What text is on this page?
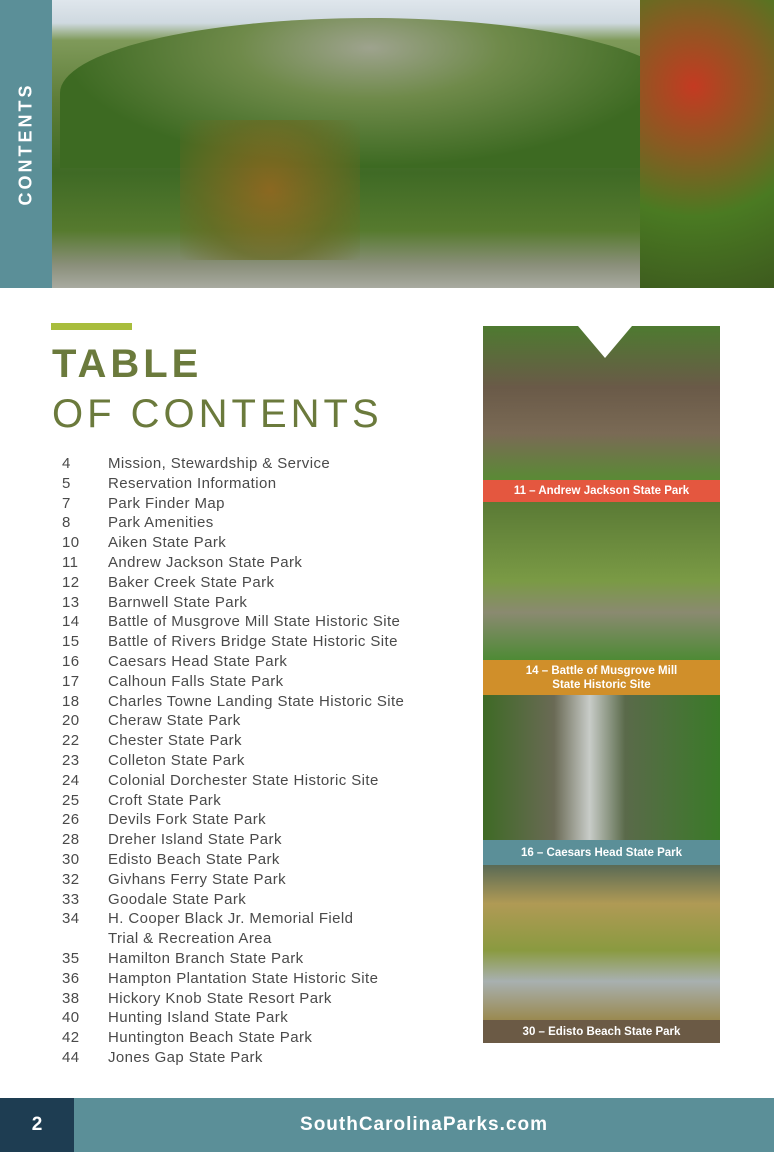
CONTENTS
TABLE
OF CONTENTS
4	Mission, Stewardship & Service
5	Reservation Information
7	Park Finder Map
8	Park Amenities
10	Aiken State Park
11	Andrew Jackson State Park
12	Baker Creek State Park
13	Barnwell State Park
14	Battle of Musgrove Mill State Historic Site
15	Battle of Rivers Bridge State Historic Site
16	Caesars Head State Park
17	Calhoun Falls State Park
18	Charles Towne Landing State Historic Site
20	Cheraw State Park
22	Chester State Park
23	Colleton State Park
24	Colonial Dorchester State Historic Site
25	Croft State Park
26	Devils Fork State Park
28	Dreher Island State Park
30	Edisto Beach State Park
32	Givhans Ferry State Park
33	Goodale State Park
34	H. Cooper Black Jr. Memorial Field
Trial & Recreation Area
35	Hamilton Branch State Park
36	Hampton Plantation State Historic Site
38	Hickory Knob State Resort Park
40	Hunting Island State Park
42	Huntington Beach State Park
44	Jones Gap State Park
11 – Andrew Jackson State Park
14 – Battle of Musgrove Mill
State Historic Site
16 – Caesars Head State Park
30 – Edisto Beach State Park
2	SouthCarolinaParks.com
